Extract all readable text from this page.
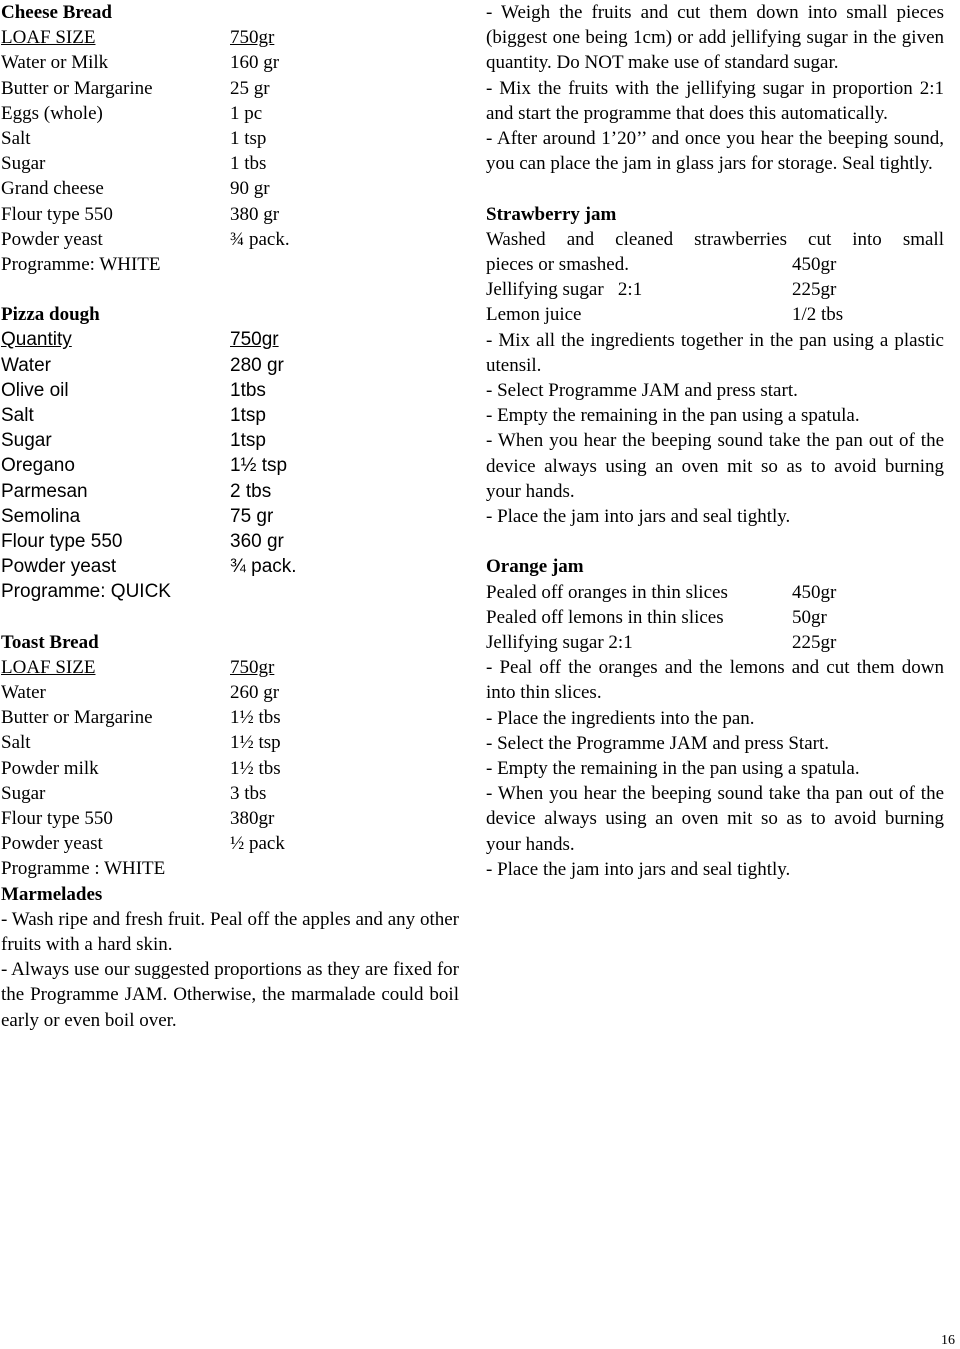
Cheese Bread
LOAF SIZE	750gr
Water or Milk	160 gr
Butter or Margarine	25 gr
Eggs (whole)	1 pc
Salt	1 tsp
Sugar	1 tbs
Grand cheese	90 gr
Flour type 550	380 gr
Powder yeast	¾ pack.
Programme: WHITE
Pizza dough
Quantity	750gr
Water	280 gr
Olive oil	1tbs
Salt	1tsp
Sugar	1tsp
Oregano	1½ tsp
Parmesan	2 tbs
Semolina	75 gr
Flour type 550	360 gr
Powder yeast	¾ pack.
Programme: QUICK
Toast Bread
LOAF SIZE	750gr
Water	260 gr
Butter or Margarine	1½ tbs
Salt	1½ tsp
Powder milk	1½ tbs
Sugar	3 tbs
Flour type 550	380gr
Powder yeast	½ pack
Programme : WHITE
Marmelades

- Wash ripe and fresh fruit. Peal off the apples and any other fruits with a hard skin.

- Always use our suggested proportions as they are fixed for the Programme JAM. Otherwise, the marmalade could boil early or even boil over.

- Weigh the fruits and cut them down into small pieces (biggest one being 1cm) or add jellifying sugar in the given quantity. Do NOT make use of standard sugar.

- Mix the fruits with the jellifying sugar in proportion 2:1 and start the programme that does this automatically.

- After around 1’20’’ and once you hear the beeping sound, you can place the jam in glass jars for storage. Seal tightly.

Strawberry jam

Washed and cleaned strawberries cut into small

pieces or smashed.	450gr
Jellifying sugar   2:1	225gr
Lemon juice	1/2 tbs

- Mix all the ingredients together in the pan using a plastic utensil.

- Select Programme JAM and press start.

- Empty the remaining in the pan using a spatula.

- When you hear the beeping sound take the pan out of the device always using an oven mit so as to avoid burning your hands.

- Place the jam into jars and seal tightly.

Orange jam
Pealed off oranges in thin slices	450gr
Pealed off lemons in thin slices	50gr
Jellifying sugar 2:1	225gr

- Peal off the oranges and the lemons and cut them down into thin slices.

- Place the ingredients into the pan.

- Select the Programme JAM and press Start.

- Empty the remaining in the pan using a spatula.

- When you hear the beeping sound take tha pan out of the device always using an oven mit so as to avoid burning your hands.

- Place the jam into jars and seal tightly.

16
